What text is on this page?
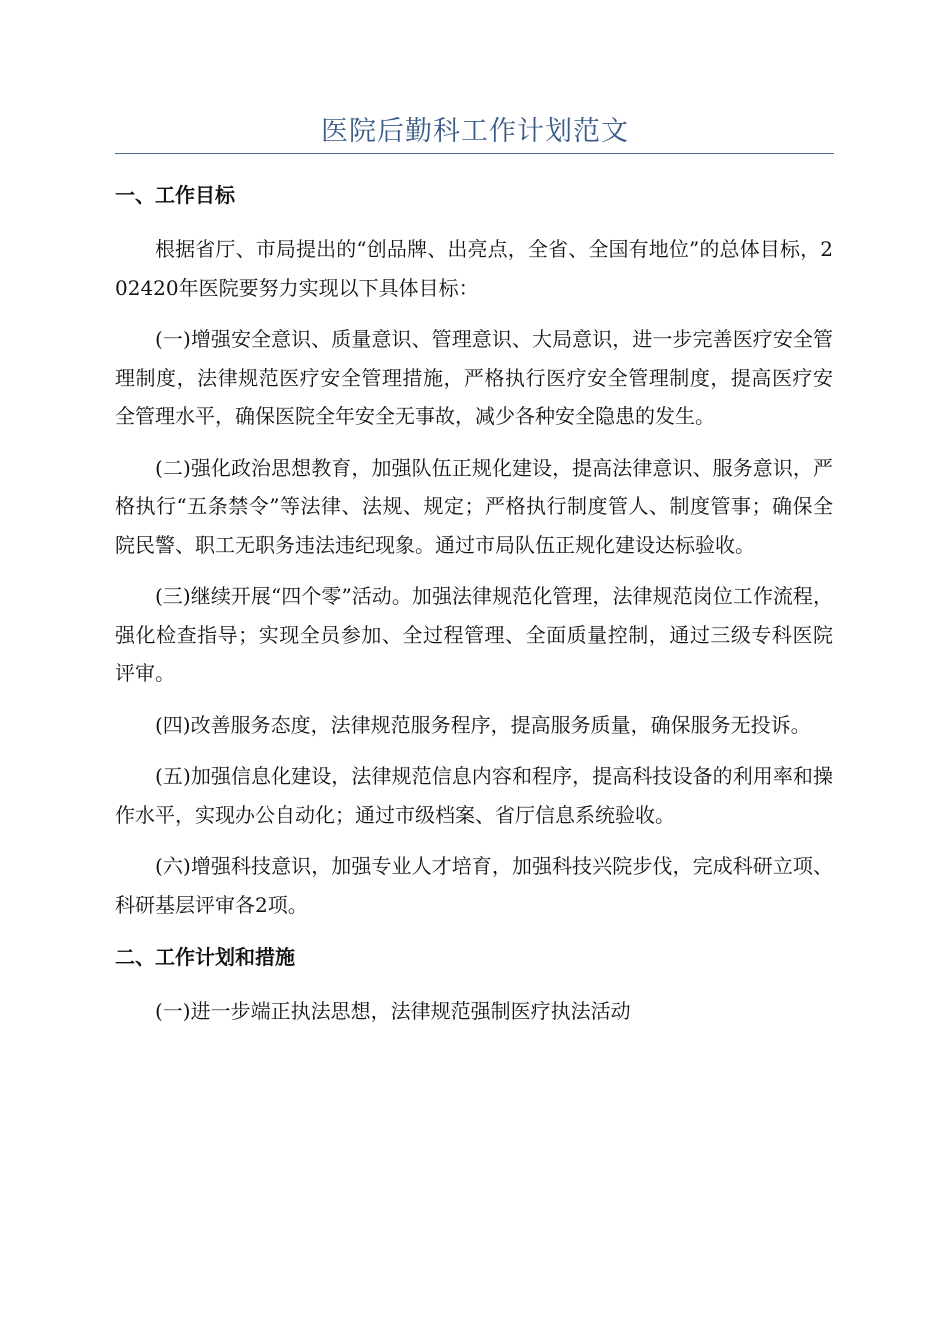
医院后勤科工作计划范文
一、工作目标

根据省厅、市局提出的“创品牌、出亮点，全省、全国有地位”的总体目标，202420年医院要努力实现以下具体目标：

(一)增强安全意识、质量意识、管理意识、大局意识，进一步完善医疗安全管理制度，法律规范医疗安全管理措施，严格执行医疗安全管理制度，提高医疗安全管理水平，确保医院全年安全无事故，减少各种安全隐患的发生。

(二)强化政治思想教育，加强队伍正规化建设，提高法律意识、服务意识，严格执行“五条禁令”等法律、法规、规定；严格执行制度管人、制度管事；确保全院民警、职工无职务违法违纪现象。通过市局队伍正规化建设达标验收。

(三)继续开展“四个零”活动。加强法律规范化管理，法律规范岗位工作流程，强化检查指导；实现全员参加、全过程管理、全面质量控制，通过三级专科医院评审。

(四)改善服务态度，法律规范服务程序，提高服务质量，确保服务无投诉。

(五)加强信息化建设，法律规范信息内容和程序，提高科技设备的利用率和操作水平，实现办公自动化；通过市级档案、省厅信息系统验收。

(六)增强科技意识，加强专业人才培育，加强科技兴院步伐，完成科研立项、科研基层评审各2项。

二、工作计划和措施

(一)进一步端正执法思想，法律规范强制医疗执法活动
